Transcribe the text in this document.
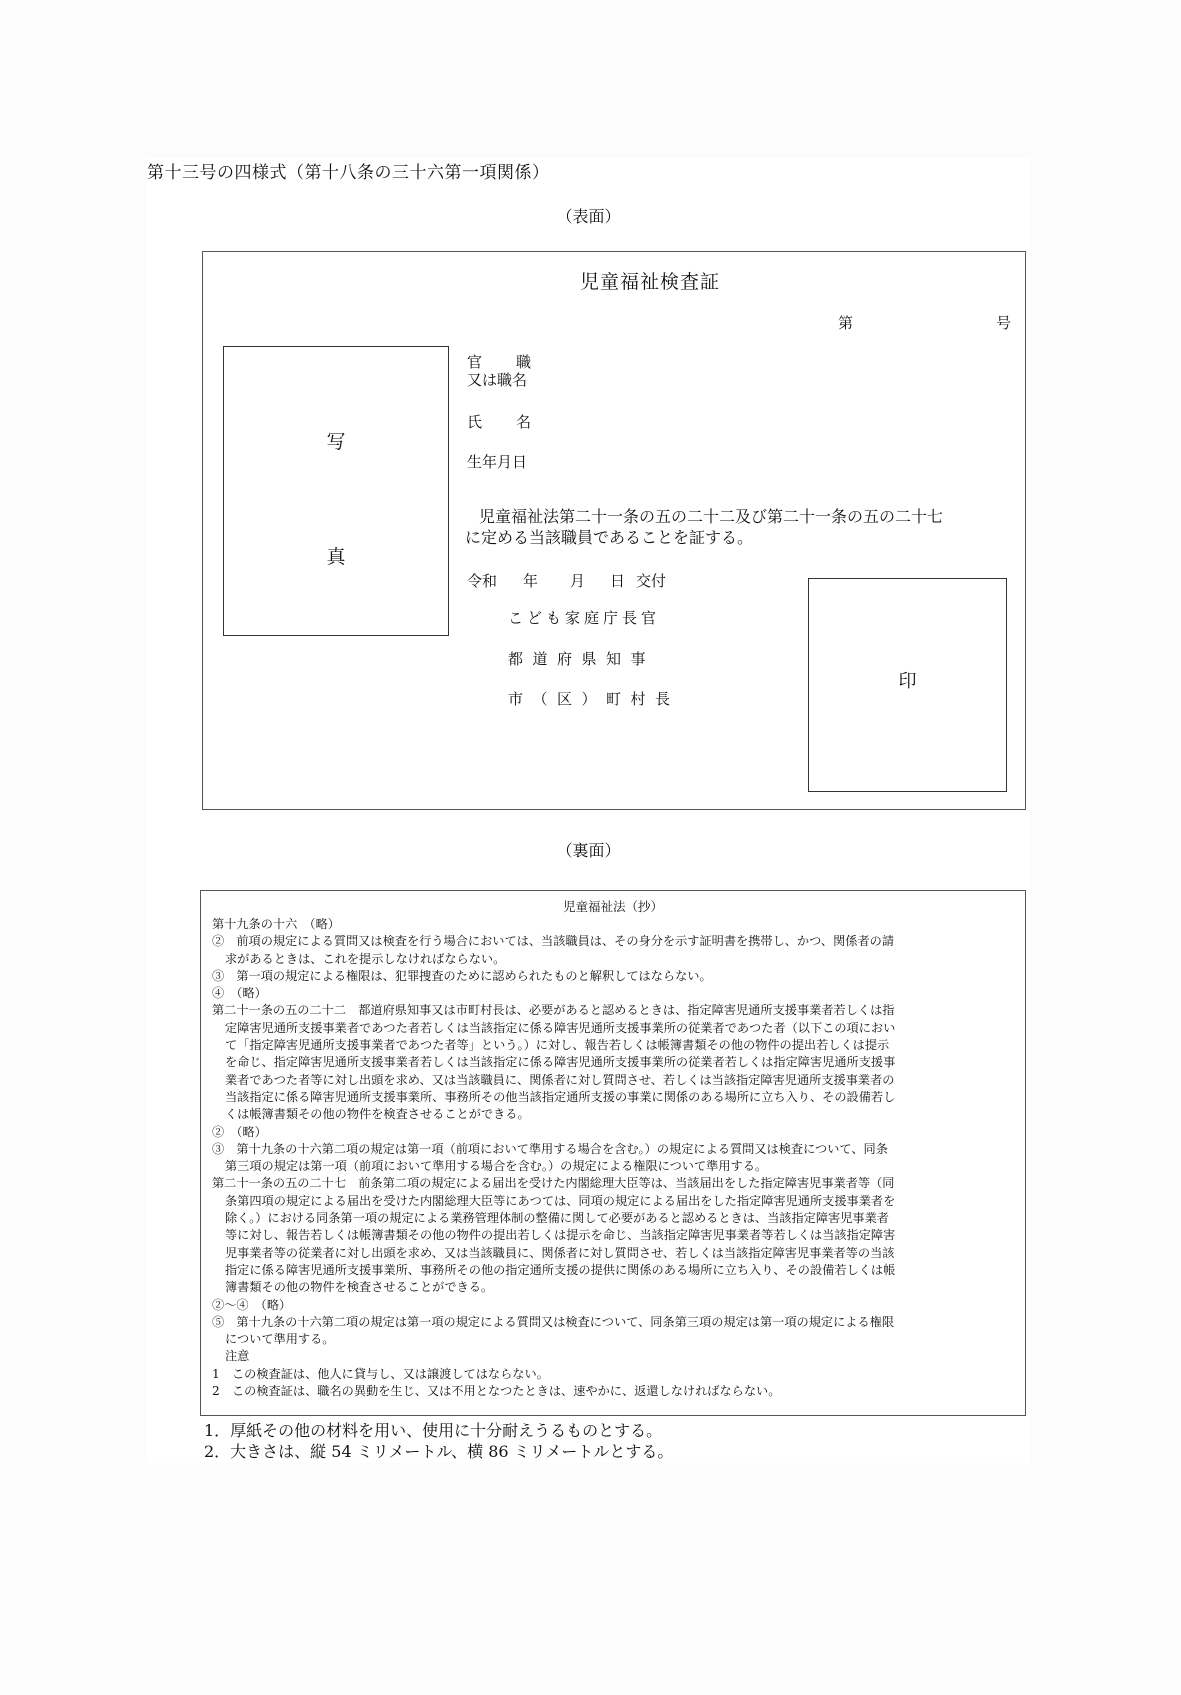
第十三号の四様式（第十八条の三十六第一項関係）
（表面）
児童福祉検査証
第	号
写
真
官 職
又は職名
氏 名
生年月日
児童福祉法第二十一条の五の二十二及び第二十一条の五の二十七
に定める当該職員であることを証する。
令和 年 月 日 交付
こども家庭庁長官
都道府県知事
市（区）町村長
印
（裏面）
児童福祉法（抄）
第十九条の十六　（略）
②　前項の規定による質問又は検査を行う場合においては、当該職員は、その身分を示す証明書を携帯し、かつ、関係者の請
求があるときは、これを提示しなければならない。
③　第一項の規定による権限は、犯罪捜査のために認められたものと解釈してはならない。
④　（略）
第二十一条の五の二十二　都道府県知事又は市町村長は、必要があると認めるときは、指定障害児通所支援事業者若しくは指
定障害児通所支援事業者であつた者若しくは当該指定に係る障害児通所支援事業所の従業者であつた者（以下この項におい
て「指定障害児通所支援事業者であつた者等」という。）に対し、報告若しくは帳簿書類その他の物件の提出若しくは提示
を命じ、指定障害児通所支援事業者若しくは当該指定に係る障害児通所支援事業所の従業者若しくは指定障害児通所支援事
業者であつた者等に対し出頭を求め、又は当該職員に、関係者に対し質問させ、若しくは当該指定障害児通所支援事業者の
当該指定に係る障害児通所支援事業所、事務所その他当該指定通所支援の事業に関係のある場所に立ち入り、その設備若し
くは帳簿書類その他の物件を検査させることができる。
②　（略）
③　第十九条の十六第二項の規定は第一項（前項において準用する場合を含む。）の規定による質問又は検査について、同条
第三項の規定は第一項（前項において準用する場合を含む。）の規定による権限について準用する。
第二十一条の五の二十七　前条第二項の規定による届出を受けた内閣総理大臣等は、当該届出をした指定障害児事業者等（同
条第四項の規定による届出を受けた内閣総理大臣等にあつては、同項の規定による届出をした指定障害児通所支援事業者を
除く。）における同条第一項の規定による業務管理体制の整備に関して必要があると認めるときは、当該指定障害児事業者
等に対し、報告若しくは帳簿書類その他の物件の提出若しくは提示を命じ、当該指定障害児事業者等若しくは当該指定障害
児事業者等の従業者に対し出頭を求め、又は当該職員に、関係者に対し質問させ、若しくは当該指定障害児事業者等の当該
指定に係る障害児通所支援事業所、事務所その他の指定通所支援の提供に関係のある場所に立ち入り、その設備若しくは帳
簿書類その他の物件を検査させることができる。
②～④　（略）
⑤　第十九条の十六第二項の規定は第一項の規定による質問又は検査について、同条第三項の規定は第一項の規定による権限
について準用する。
注意
1　この検査証は、他人に貸与し、又は譲渡してはならない。
2　この検査証は、職名の異動を生じ、又は不用となつたときは、速やかに、返還しなければならない。
1．厚紙その他の材料を用い、使用に十分耐えうるものとする。
2．大きさは、縦 54 ミリメートル、横 86 ミリメートルとする。
